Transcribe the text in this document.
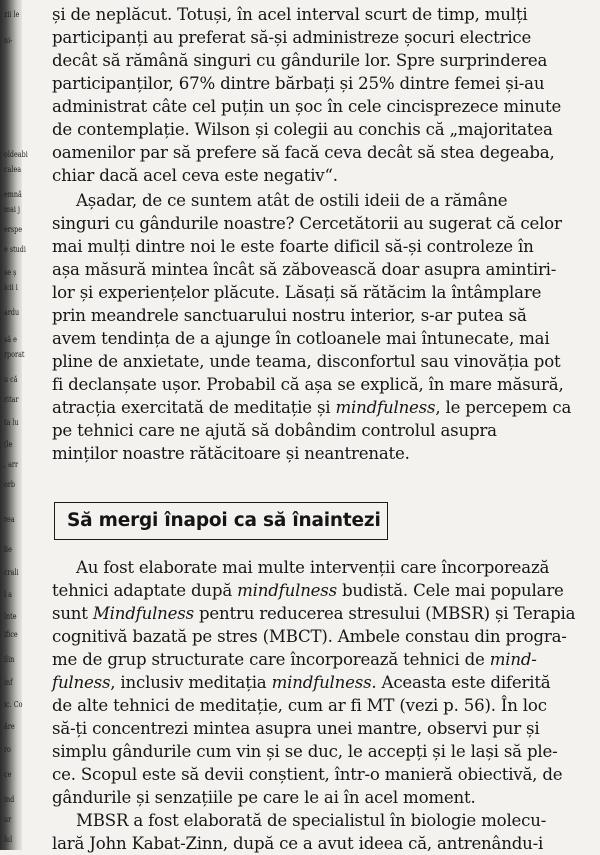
zii le
ni-
oldeabi
calea
emnă
mai j
erspe
e studi
se ș
icii i
ardu
să e
rporat
u că
ritar
ta lu
(le
, arr
orb
rea
lie
crali
l a
înte
ifice
ilin
inf
ic. Co
ăre
ro
ce
ind
ur
lul
și de neplăcut. Totuși, în acel interval scurt de timp, mulți
participanți au preferat să-și administreze șocuri electrice
decât să rămână singuri cu gândurile lor. Spre surprinderea
participanților, 67% dintre bărbați și 25% dintre femei și-au
administrat câte cel puțin un șoc în cele cincisprezece minute
de contemplație. Wilson și colegii au conchis că „majoritatea
oamenilor par să prefere să facă ceva decât să stea degeaba,
chiar dacă acel ceva este negativ“.
Așadar, de ce suntem atât de ostili ideii de a rămâne
singuri cu gândurile noastre? Cercetătorii au sugerat că celor
mai mulți dintre noi le este foarte dificil să-și controleze în
așa măsură mintea încât să zăbovească doar asupra amintiri-
lor și experiențelor plăcute. Lăsați să rătăcim la întâmplare
prin meandrele sanctuarului nostru interior, s-ar putea să
avem tendința de a ajunge în cotloanele mai întunecate, mai
pline de anxietate, unde teama, disconfortul sau vinovăția pot
fi declanșate ușor. Probabil că așa se explică, în mare măsură,
atracția exercitată de meditație și mindfulness, le percepem ca
pe tehnici care ne ajută să dobândim controlul asupra
minților noastre rătăcitoare și neantrenate.
Să mergi înapoi ca să înaintezi
Au fost elaborate mai multe intervenții care încorporează
tehnici adaptate după mindfulness budistă. Cele mai populare
sunt Mindfulness pentru reducerea stresului (MBSR) și Terapia
cognitivă bazată pe stres (MBCT). Ambele constau din progra-
me de grup structurate care încorporează tehnici de mind-
fulness, inclusiv meditația mindfulness. Aceasta este diferită
de alte tehnici de meditație, cum ar fi MT (vezi p. 56). În loc
să-ți concentrezi mintea asupra unei mantre, observi pur și
simplu gândurile cum vin și se duc, le accepți și le lași să ple-
ce. Scopul este să devii conștient, într-o manieră obiectivă, de
gândurile și senzațiile pe care le ai în acel moment.
MBSR a fost elaborată de specialistul în biologie molecu-
lară John Kabat-Zinn, după ce a avut ideea că, antrenându-i
